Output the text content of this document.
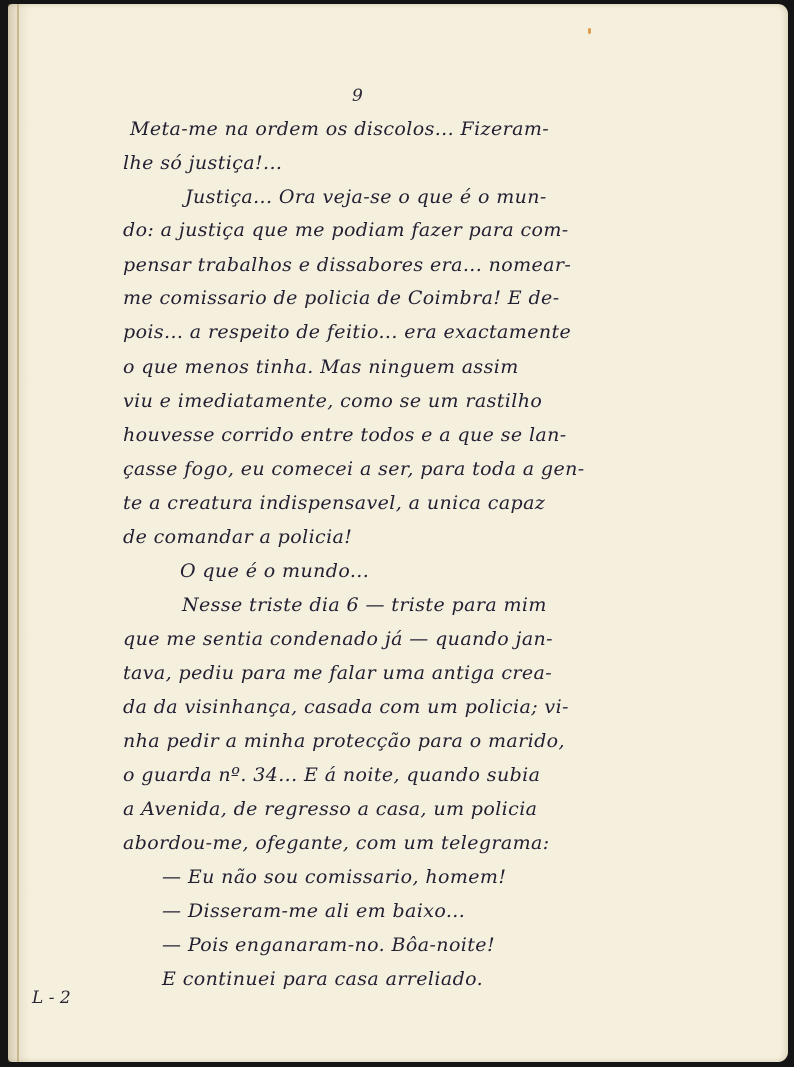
9
Meta-me na ordem os discolos... Fizeram-
lhe só justiça!...
Justiça... Ora veja-se o que é o mun-
do: a justiça que me podiam fazer para com-
pensar trabalhos e dissabores era... nomear-
me comissario de policia de Coimbra! E de-
pois... a respeito de feitio... era exactamente
o que menos tinha. Mas ninguem assim
viu e imediatamente, como se um rastilho
houvesse corrido entre todos e a que se lan-
çasse fogo, eu comecei a ser, para toda a gen-
te a creatura indispensavel, a unica capaz
de comandar a policia!
O que é o mundo...
Nesse triste dia 6 — triste para mim
que me sentia condenado já — quando jan-
tava, pediu para me falar uma antiga crea-
da da visinhança, casada com um policia; vi-
nha pedir a minha protecção para o marido,
o guarda nº. 34... E á noite, quando subia
a Avenida, de regresso a casa, um policia
abordou-me, ofegante, com um telegrama:
— Eu não sou comissario, homem!
— Disseram-me ali em baixo...
— Pois enganaram-no. Bôa-noite!
E continuei para casa arreliado.
L - 2
